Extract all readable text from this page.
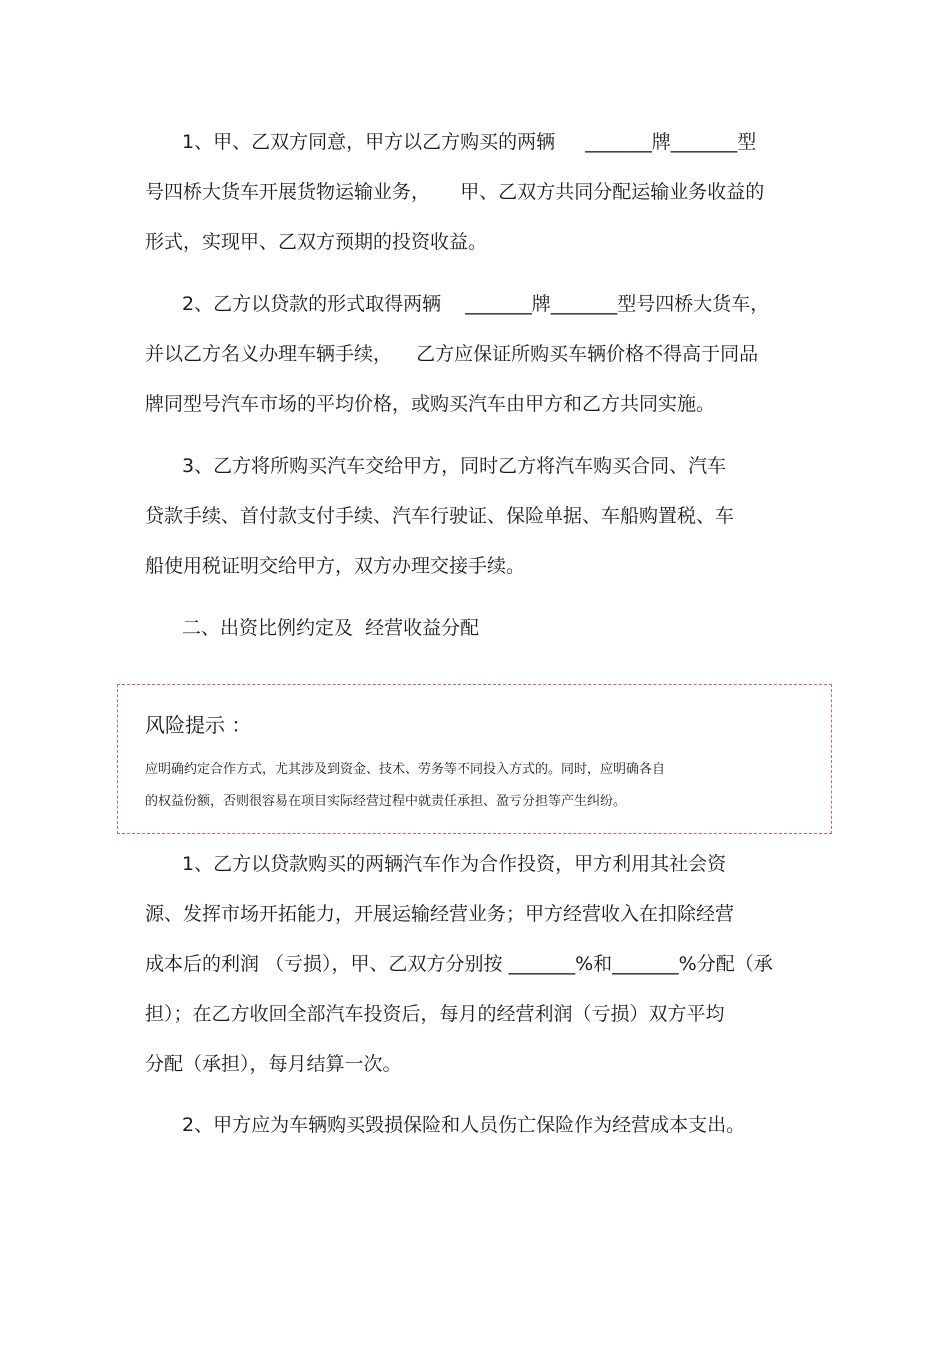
1、甲、乙双方同意，甲方以乙方购买的两辆     _______牌_______型
号四桥大货车开展货物运输业务，     甲、乙双方共同分配运输业务收益的
形式，实现甲、乙双方预期的投资收益。
2、乙方以贷款的形式取得两辆    _______牌_______型号四桥大货车，
并以乙方名义办理车辆手续，    乙方应保证所购买车辆价格不得高于同品
牌同型号汽车市场的平均价格，或购买汽车由甲方和乙方共同实施。
3、乙方将所购买汽车交给甲方，同时乙方将汽车购买合同、汽车
贷款手续、首付款支付手续、汽车行驶证、保险单据、车船购置税、车
船使用税证明交给甲方，双方办理交接手续。
二、出资比例约定及  经营收益分配
风险提示 ：
应明确约定合作方式，尤其涉及到资金、技术、劳务等不同投入方式的。同时，应明确各自
的权益份额，否则很容易在项目实际经营过程中就责任承担、盈亏分担等产生纠纷。
1、乙方以贷款购买的两辆汽车作为合作投资，甲方利用其社会资
源、发挥市场开拓能力，开展运输经营业务；甲方经营收入在扣除经营
成本后的利润 （亏损），甲、乙双方分别按 _______%和_______%分配（承
担）；在乙方收回全部汽车投资后，每月的经营利润（亏损）双方平均
分配（承担），每月结算一次。
2、甲方应为车辆购买毁损保险和人员伤亡保险作为经营成本支出。
